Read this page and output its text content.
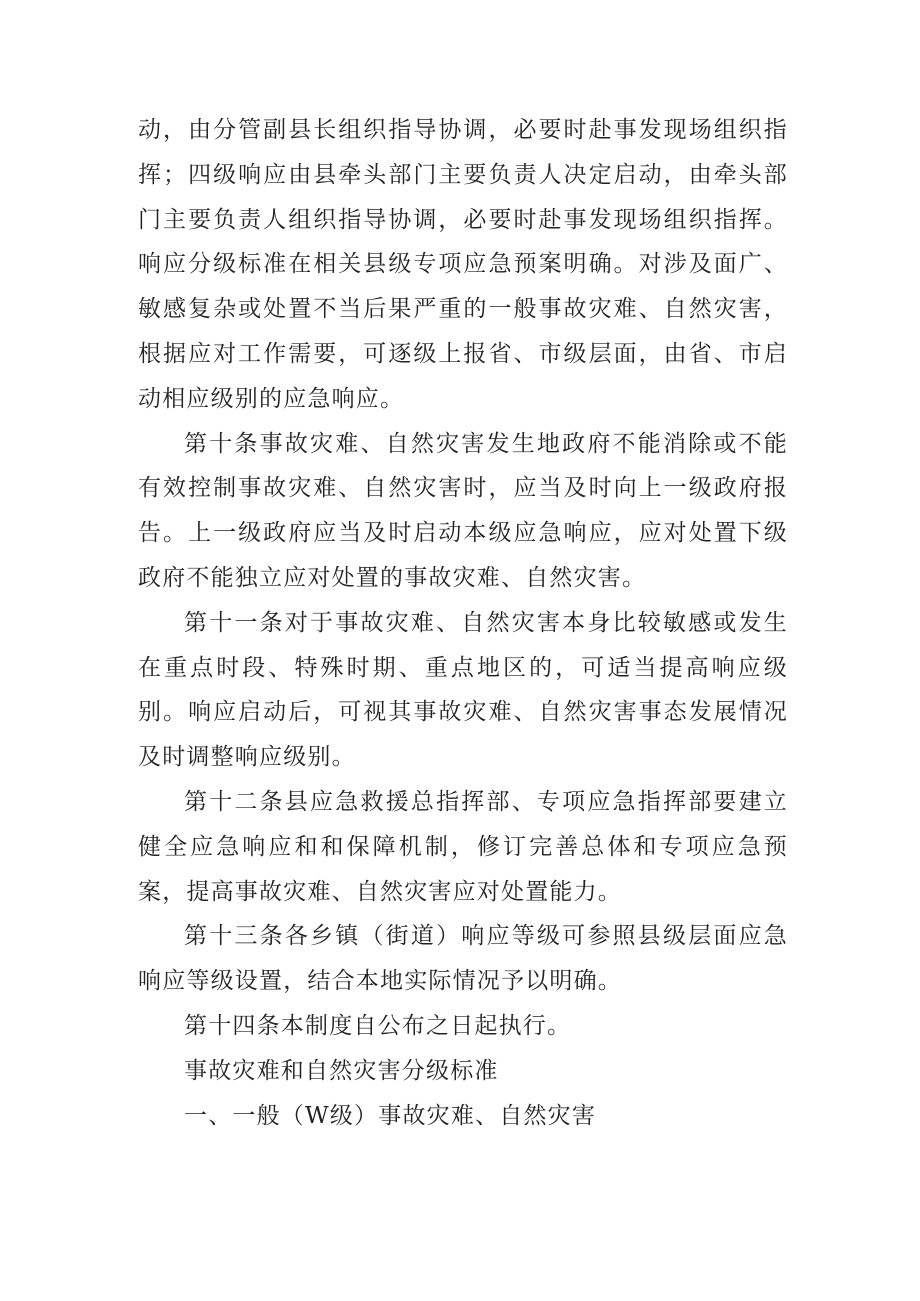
动，由分管副县长组织指导协调，必要时赴事发现场组织指挥；四级响应由县牵头部门主要负责人决定启动，由牵头部门主要负责人组织指导协调，必要时赴事发现场组织指挥。响应分级标准在相关县级专项应急预案明确。对涉及面广、敏感复杂或处置不当后果严重的一般事故灾难、自然灾害，根据应对工作需要，可逐级上报省、市级层面，由省、市启动相应级别的应急响应。

第十条事故灾难、自然灾害发生地政府不能消除或不能有效控制事故灾难、自然灾害时，应当及时向上一级政府报告。上一级政府应当及时启动本级应急响应，应对处置下级政府不能独立应对处置的事故灾难、自然灾害。

第十一条对于事故灾难、自然灾害本身比较敏感或发生在重点时段、特殊时期、重点地区的，可适当提高响应级别。响应启动后，可视其事故灾难、自然灾害事态发展情况及时调整响应级别。

第十二条县应急救援总指挥部、专项应急指挥部要建立健全应急响应和和保障机制，修订完善总体和专项应急预案，提高事故灾难、自然灾害应对处置能力。

第十三条各乡镇（街道）响应等级可参照县级层面应急响应等级设置，结合本地实际情况予以明确。

第十四条本制度自公布之日起执行。

事故灾难和自然灾害分级标准

一、一般（W级）事故灾难、自然灾害
